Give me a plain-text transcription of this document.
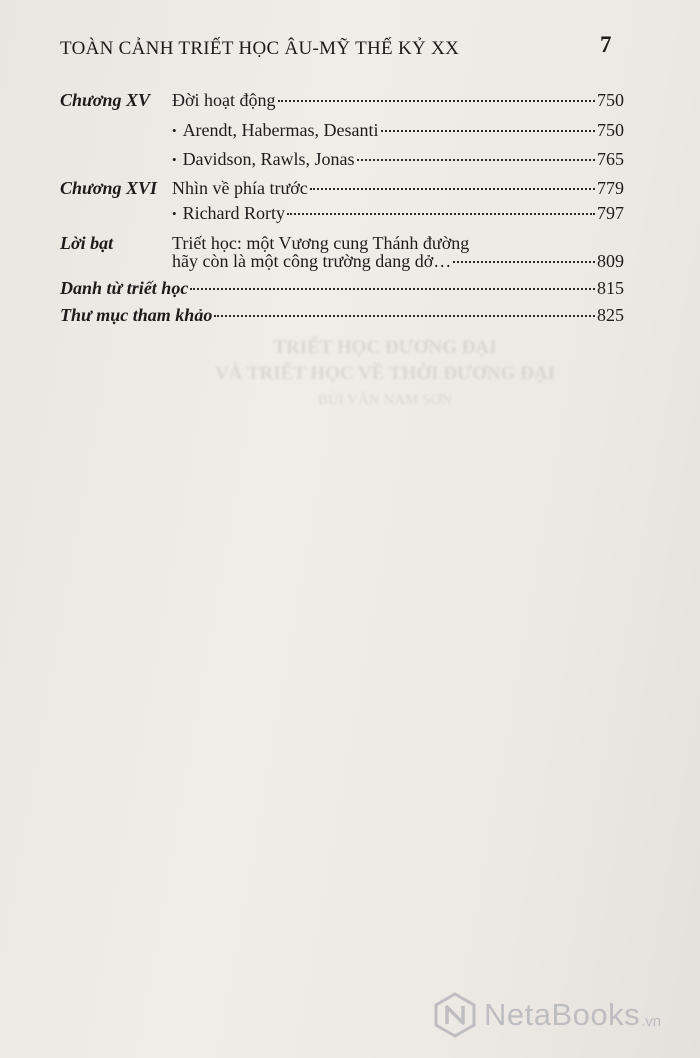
TOÀN CẢNH TRIẾT HỌC ÂU-MỸ THẾ KỶ XX	7
TRIẾT HỌC ĐƯƠNG ĐẠI
VÀ TRIẾT HỌC VỀ THỜI ĐƯƠNG ĐẠI
BÙI VĂN NAM SƠN
Chương XV Đời hoạt động	750
• Arendt, Habermas, Desanti	750
• Davidson, Rawls, Jonas	765
Chương XVI Nhìn về phía trước	779
• Richard Rorty	797
Lời bạt	Triết học: một Vương cung Thánh đường
hãy còn là một công trường dang dở…	809
Danh từ triết học	815
Thư mục tham khảo	825
NetaBooks .vn
